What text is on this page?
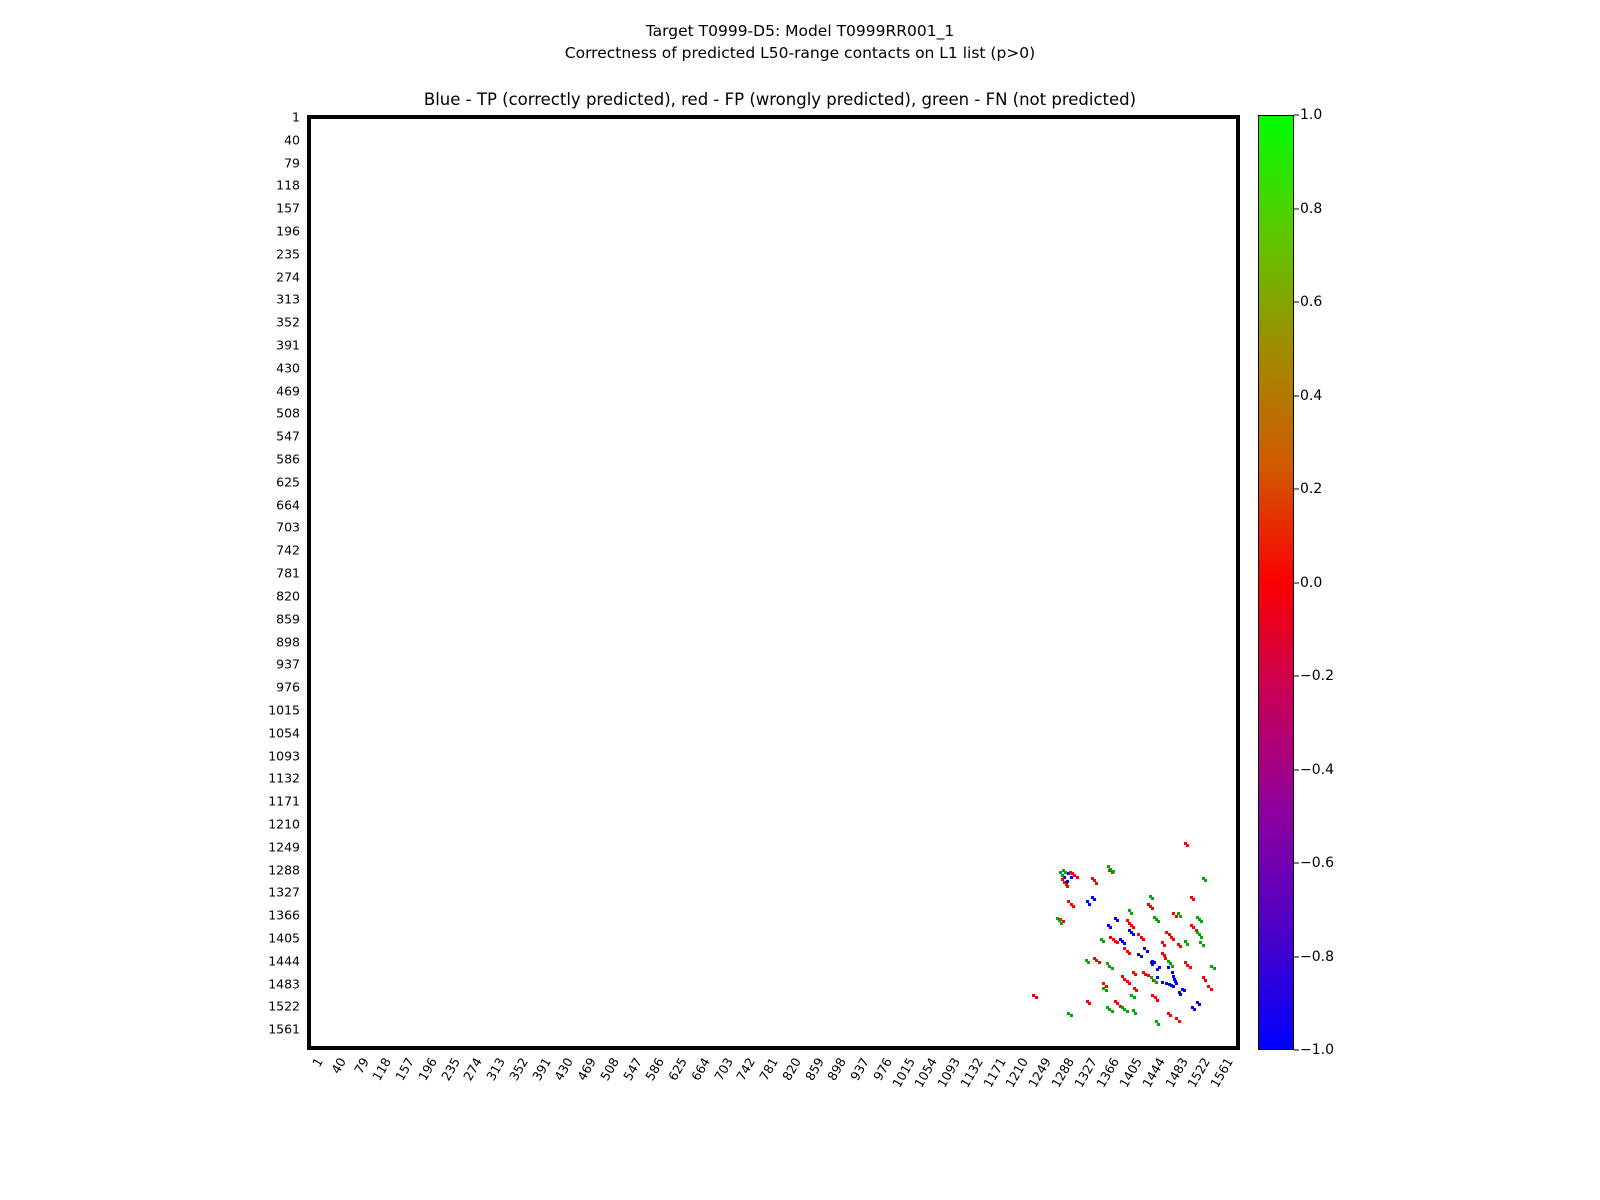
Target T0999-D5: Model T0999RR001_1
Correctness of predicted L50-range contacts on L1 list (p>0)
Blue - TP (correctly predicted), red - FP (wrongly predicted), green - FN (not predicted)
1
40
79
118
157
196
235
274
313
352
391
430
469
508
547
586
625
664
703
742
781
820
859
898
937
976
1015
1054
1093
1132
1171
1210
1249
1288
1327
1366
1405
1444
1483
1522
1561
1 40 79
118
157
196
235
274
313
352
391
430
469
508
547
586
625
664
703
742
781
820
859
898
937
976
1015
1054
1093
1132
1171
1210
1249
1288
1327
1366
1405
1444
1483
1522
1561
1.0
0.8
0.6
0.4
0.2
0.0
−0.2
−0.4
−0.6
−0.8
−1.0
